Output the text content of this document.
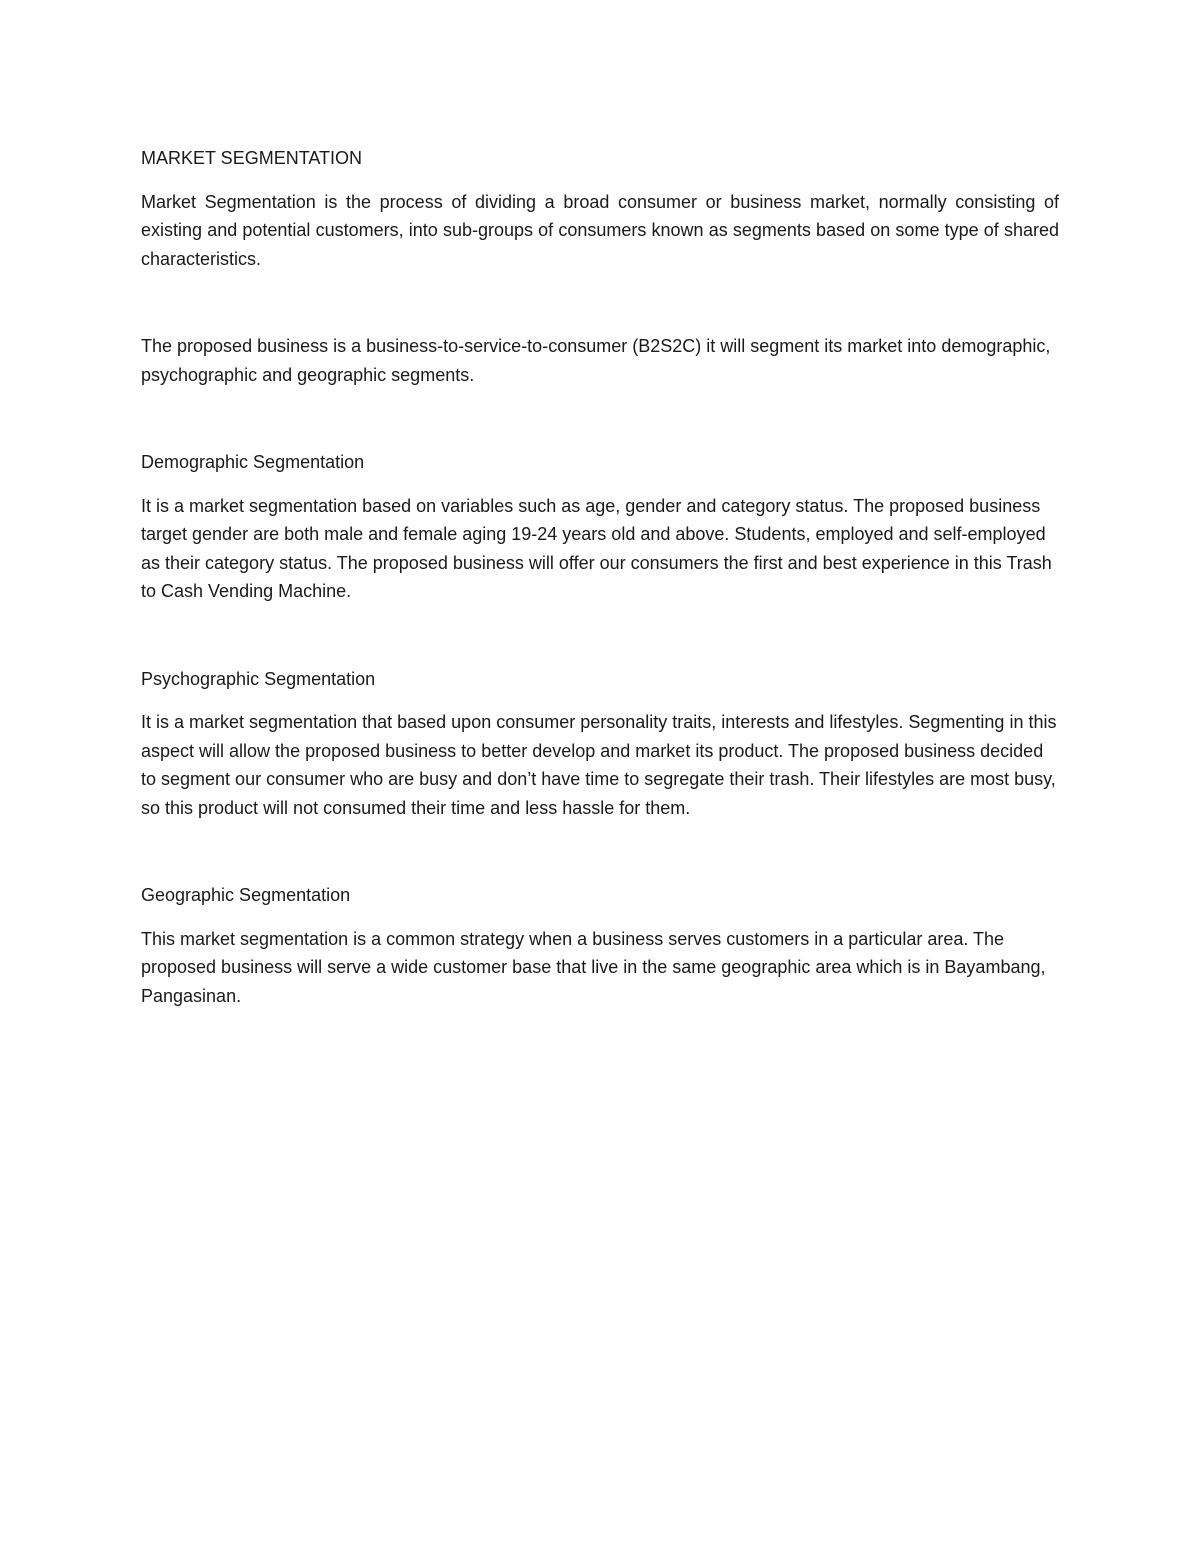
MARKET SEGMENTATION

Market Segmentation is the process of dividing a broad consumer or business market, normally consisting of existing and potential customers, into sub-groups of consumers known as segments based on some type of shared characteristics.

The proposed business is a business-to-service-to-consumer (B2S2C) it will segment its market into demographic, psychographic and geographic segments.

Demographic Segmentation

It is a market segmentation based on variables such as age, gender and category status. The proposed business target gender are both male and female aging 19-24 years old and above. Students, employed and self-employed as their category status. The proposed business will offer our consumers the first and best experience in this Trash to Cash Vending Machine.

Psychographic Segmentation

It is a market segmentation that based upon consumer personality traits, interests and lifestyles. Segmenting in this aspect will allow the proposed business to better develop and market its product. The proposed business decided to segment our consumer who are busy and don’t have time to segregate their trash. Their lifestyles are most busy, so this product will not consumed their time and less hassle for them.

Geographic Segmentation

This market segmentation is a common strategy when a business serves customers in a particular area. The proposed business will serve a wide customer base that live in the same geographic area which is in Bayambang, Pangasinan.
